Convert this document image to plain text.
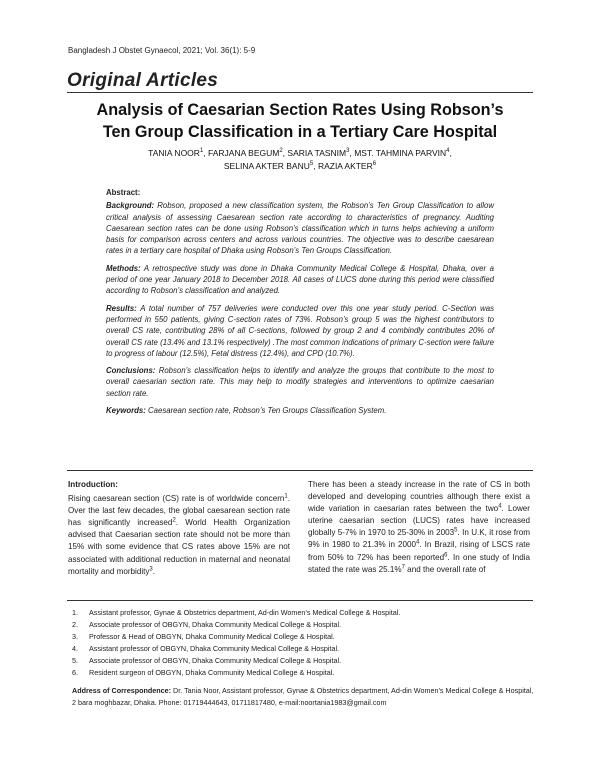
Bangladesh J Obstet Gynaecol, 2021; Vol. 36(1): 5-9
Original Articles
Analysis of Caesarian Section Rates Using Robson’s
Ten Group Classification in a Tertiary Care Hospital
TANIA NOOR$^1$, FARJANA BEGUM$^2$, SARIA TASNIM$^3$, MST. TAHMINA PARVIN$^4$,
SELINA AKTER BANU$^5$, RAZIA AKTER$^6$

Abstract:

Background: Robson, proposed a new classification system, the Robson’s Ten Group Classification to allow critical analysis of assessing Caesarean section rate according to characteristics of pregnancy. Auditing Caesarean section rates can be done using Robson’s classification which in turns helps achieving a uniform basis for comparison across centers and across various countries. The objective was to describe caesarean rates in a tertiary care hospital of Dhaka using Robson’s Ten Groups Classification.

Methods: A retrospective study was done in Dhaka Community Medical College & Hospital, Dhaka, over a period of one year January 2018 to December 2018. All cases of LUCS done during this period were classified according to Robson’s classification and analyzed.

Results: A total number of 757 deliveries were conducted over this one year study period. C-Section was performed in 550 patients, giving C-section rates of 73%. Robson’s group 5 was the highest contributors to overall CS rate, contributing 28% of all C-sections, followed by group 2 and 4 combindly contributes 20% of overall CS rate (13.4% and 13.1% respectively) .The most common indications of primary C-section were failure to progress of labour (12.5%), Fetal distress (12.4%), and CPD (10.7%).

Conclusions: Robson’s classification helps to identify and analyze the groups that contribute to the most to overall caesarian section rate. This may help to modify strategies and interventions to optimize caesarian section rate.

Keywords: Caesarean section rate, Robson’s Ten Groups Classification System.

Introduction:
Rising caesarean section (CS) rate is of worldwide concern$^1$. Over the last few decades, the global caesarean section rate has significantly increased$^2$. World Health Organization advised that Caesarian section rate should not be more than 15% with some evidence that CS rates above 15% are not associated with additional reduction in maternal and neonatal mortality and morbidity$^3$.
There has been a steady increase in the rate of CS in both developed and developing countries although there exist a wide variation in caesarian rates between the two$^4$. Lower uterine caesarian section (LUCS) rates have increased globally 5-7% in 1970 to 25-30% in 2003$^5$. In U.K, it rose from 9% in 1980 to 21.3% in 2000$^4$. In Brazil, rising of LSCS rate from 50% to 72% has been reported$^6$. In one study of India stated the rate was 25.1%$^7$ and the overall rate of
1.	Assistant professor, Gynae & Obstetrics department, Ad-din Women’s Medical College & Hospital.
2.	Associate professor of OBGYN, Dhaka Community Medical College & Hospital.
3.	Professor & Head of OBGYN, Dhaka Community Medical College & Hospital.
4.	Assistant professor of OBGYN, Dhaka Community Medical College & Hospital.
5.	Associate professor of OBGYN, Dhaka Community Medical College & Hospital.
6.	Resident surgeon of OBGYN, Dhaka Community Medical College & Hospital.
Address of Correspondence: Dr. Tania Noor, Assistant professor, Gynae & Obstetrics department, Ad-din Women’s Medical College & Hospital, 2 bara moghbazar, Dhaka. Phone: 01719444643, 01711817480, e-mail:noortania1983@gmail.com
